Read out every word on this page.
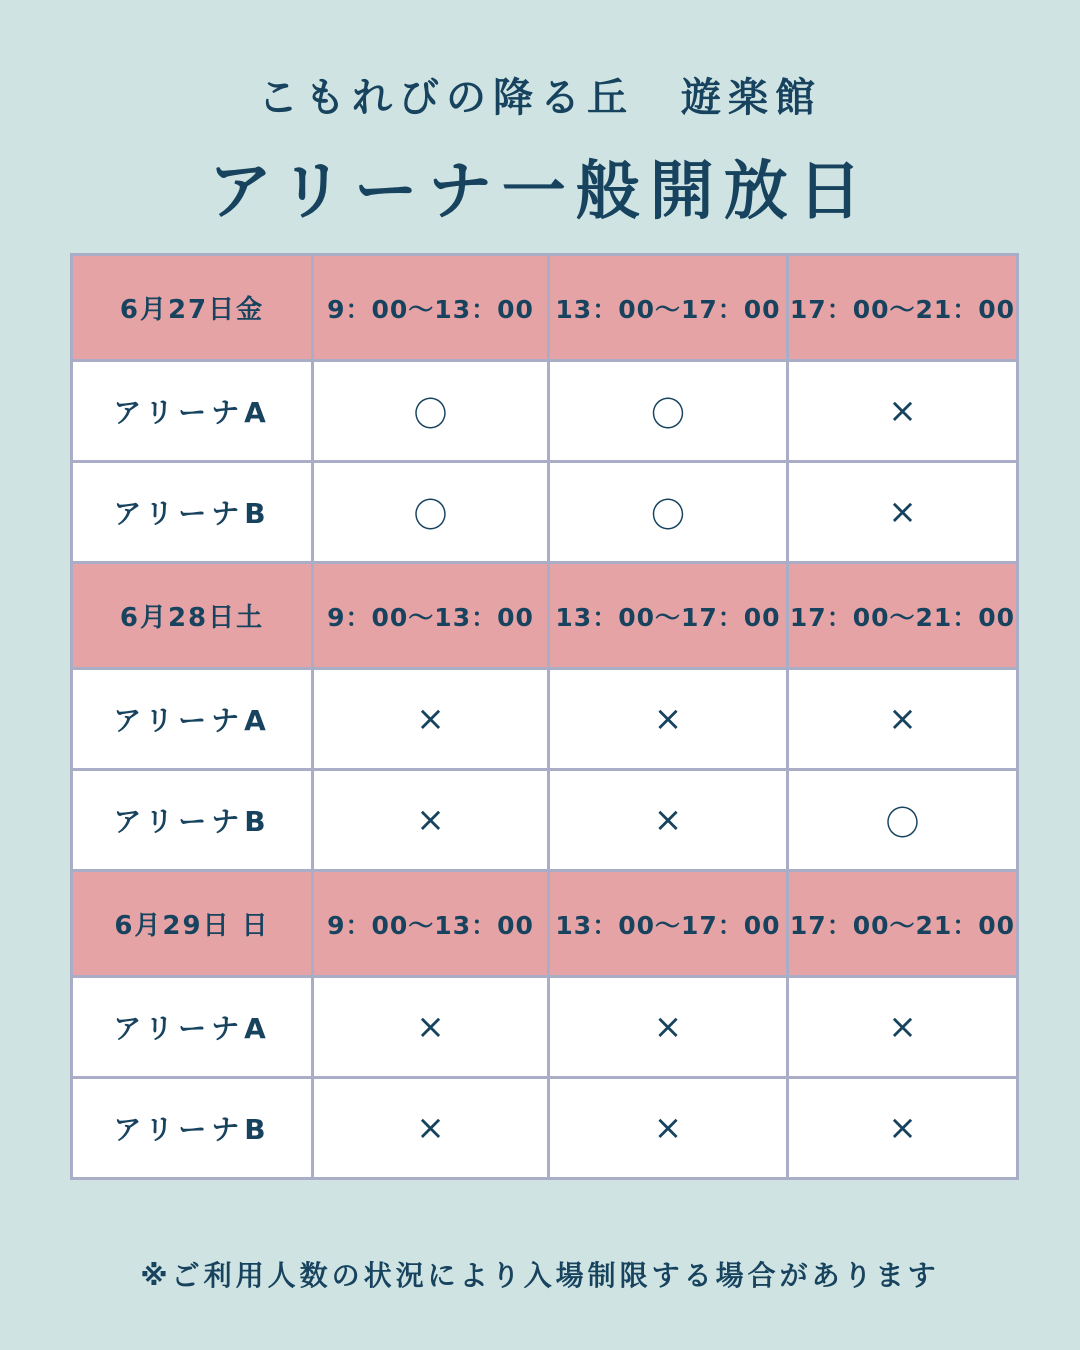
こもれびの降る丘　遊楽館
アリーナ一般開放日
6月27日金	9：00～13：00	13：00～17：00	17：00～21：00
アリーナA	〇	〇	×
アリーナB	〇	〇	×
6月28日土	9：00～13：00	13：00～17：00	17：00～21：00
アリーナA	×	×	×
アリーナB	×	×	〇
6月29日 日	9：00～13：00	13：00～17：00	17：00～21：00
アリーナA	×	×	×
アリーナB	×	×	×
※ご利用人数の状況により入場制限する場合があります
